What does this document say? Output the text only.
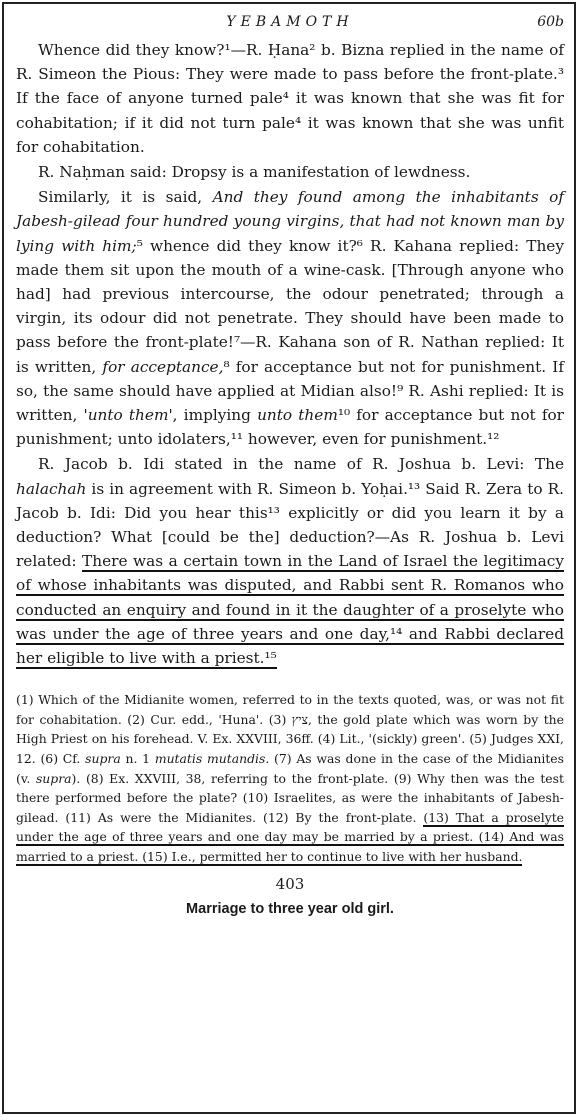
YEBAMOTH	60b

Whence did they know?¹—R. Ḥana² b. Bizna replied in the name of R. Simeon the Pious: They were made to pass before the front-plate.³ If the face of anyone turned pale⁴ it was known that she was fit for cohabitation; if it did not turn pale⁴ it was known that she was unfit for cohabitation.

R. Naḥman said: Dropsy is a manifestation of lewdness.

Similarly, it is said, And they found among the inhabitants of Jabesh-gilead four hundred young virgins, that had not known man by lying with him;⁵ whence did they know it?⁶ R. Kahana replied: They made them sit upon the mouth of a wine-cask. [Through anyone who had] had previous intercourse, the odour penetrated; through a virgin, its odour did not penetrate. They should have been made to pass before the front-plate!⁷—R. Kahana son of R. Nathan replied: It is written, for acceptance,⁸ for acceptance but not for punishment. If so, the same should have applied at Midian also!⁹ R. Ashi replied: It is written, 'unto them', implying unto them¹⁰ for acceptance but not for punishment; unto idolaters,¹¹ however, even for punishment.¹²

R. Jacob b. Idi stated in the name of R. Joshua b. Levi: The halachah is in agreement with R. Simeon b. Yoḥai.¹³ Said R. Zera to R. Jacob b. Idi: Did you hear this¹³ explicitly or did you learn it by a deduction? What [could be the] deduction?—As R. Joshua b. Levi related: There was a certain town in the Land of Israel the legitimacy of whose inhabitants was disputed, and Rabbi sent R. Romanos who conducted an enquiry and found in it the daughter of a proselyte who was under the age of three years and one day,¹⁴ and Rabbi declared her eligible to live with a priest.¹⁵

(1) Which of the Midianite women, referred to in the texts quoted, was, or was not fit for cohabitation. (2) Cur. edd., 'Huna'. (3) ציץ, the gold plate which was worn by the High Priest on his forehead. V. Ex. XXVIII, 36ff. (4) Lit., '(sickly) green'. (5) Judges XXI, 12. (6) Cf. supra n. 1 mutatis mutandis. (7) As was done in the case of the Midianites (v. supra). (8) Ex. XXVIII, 38, referring to the front-plate. (9) Why then was the test there performed before the plate? (10) Israelites, as were the inhabitants of Jabesh-gilead. (11) As were the Midianites. (12) By the front-plate. (13) That a proselyte under the age of three years and one day may be married by a priest. (14) And was married to a priest. (15) I.e., permitted her to continue to live with her husband.
403
Marriage to three year old girl.
